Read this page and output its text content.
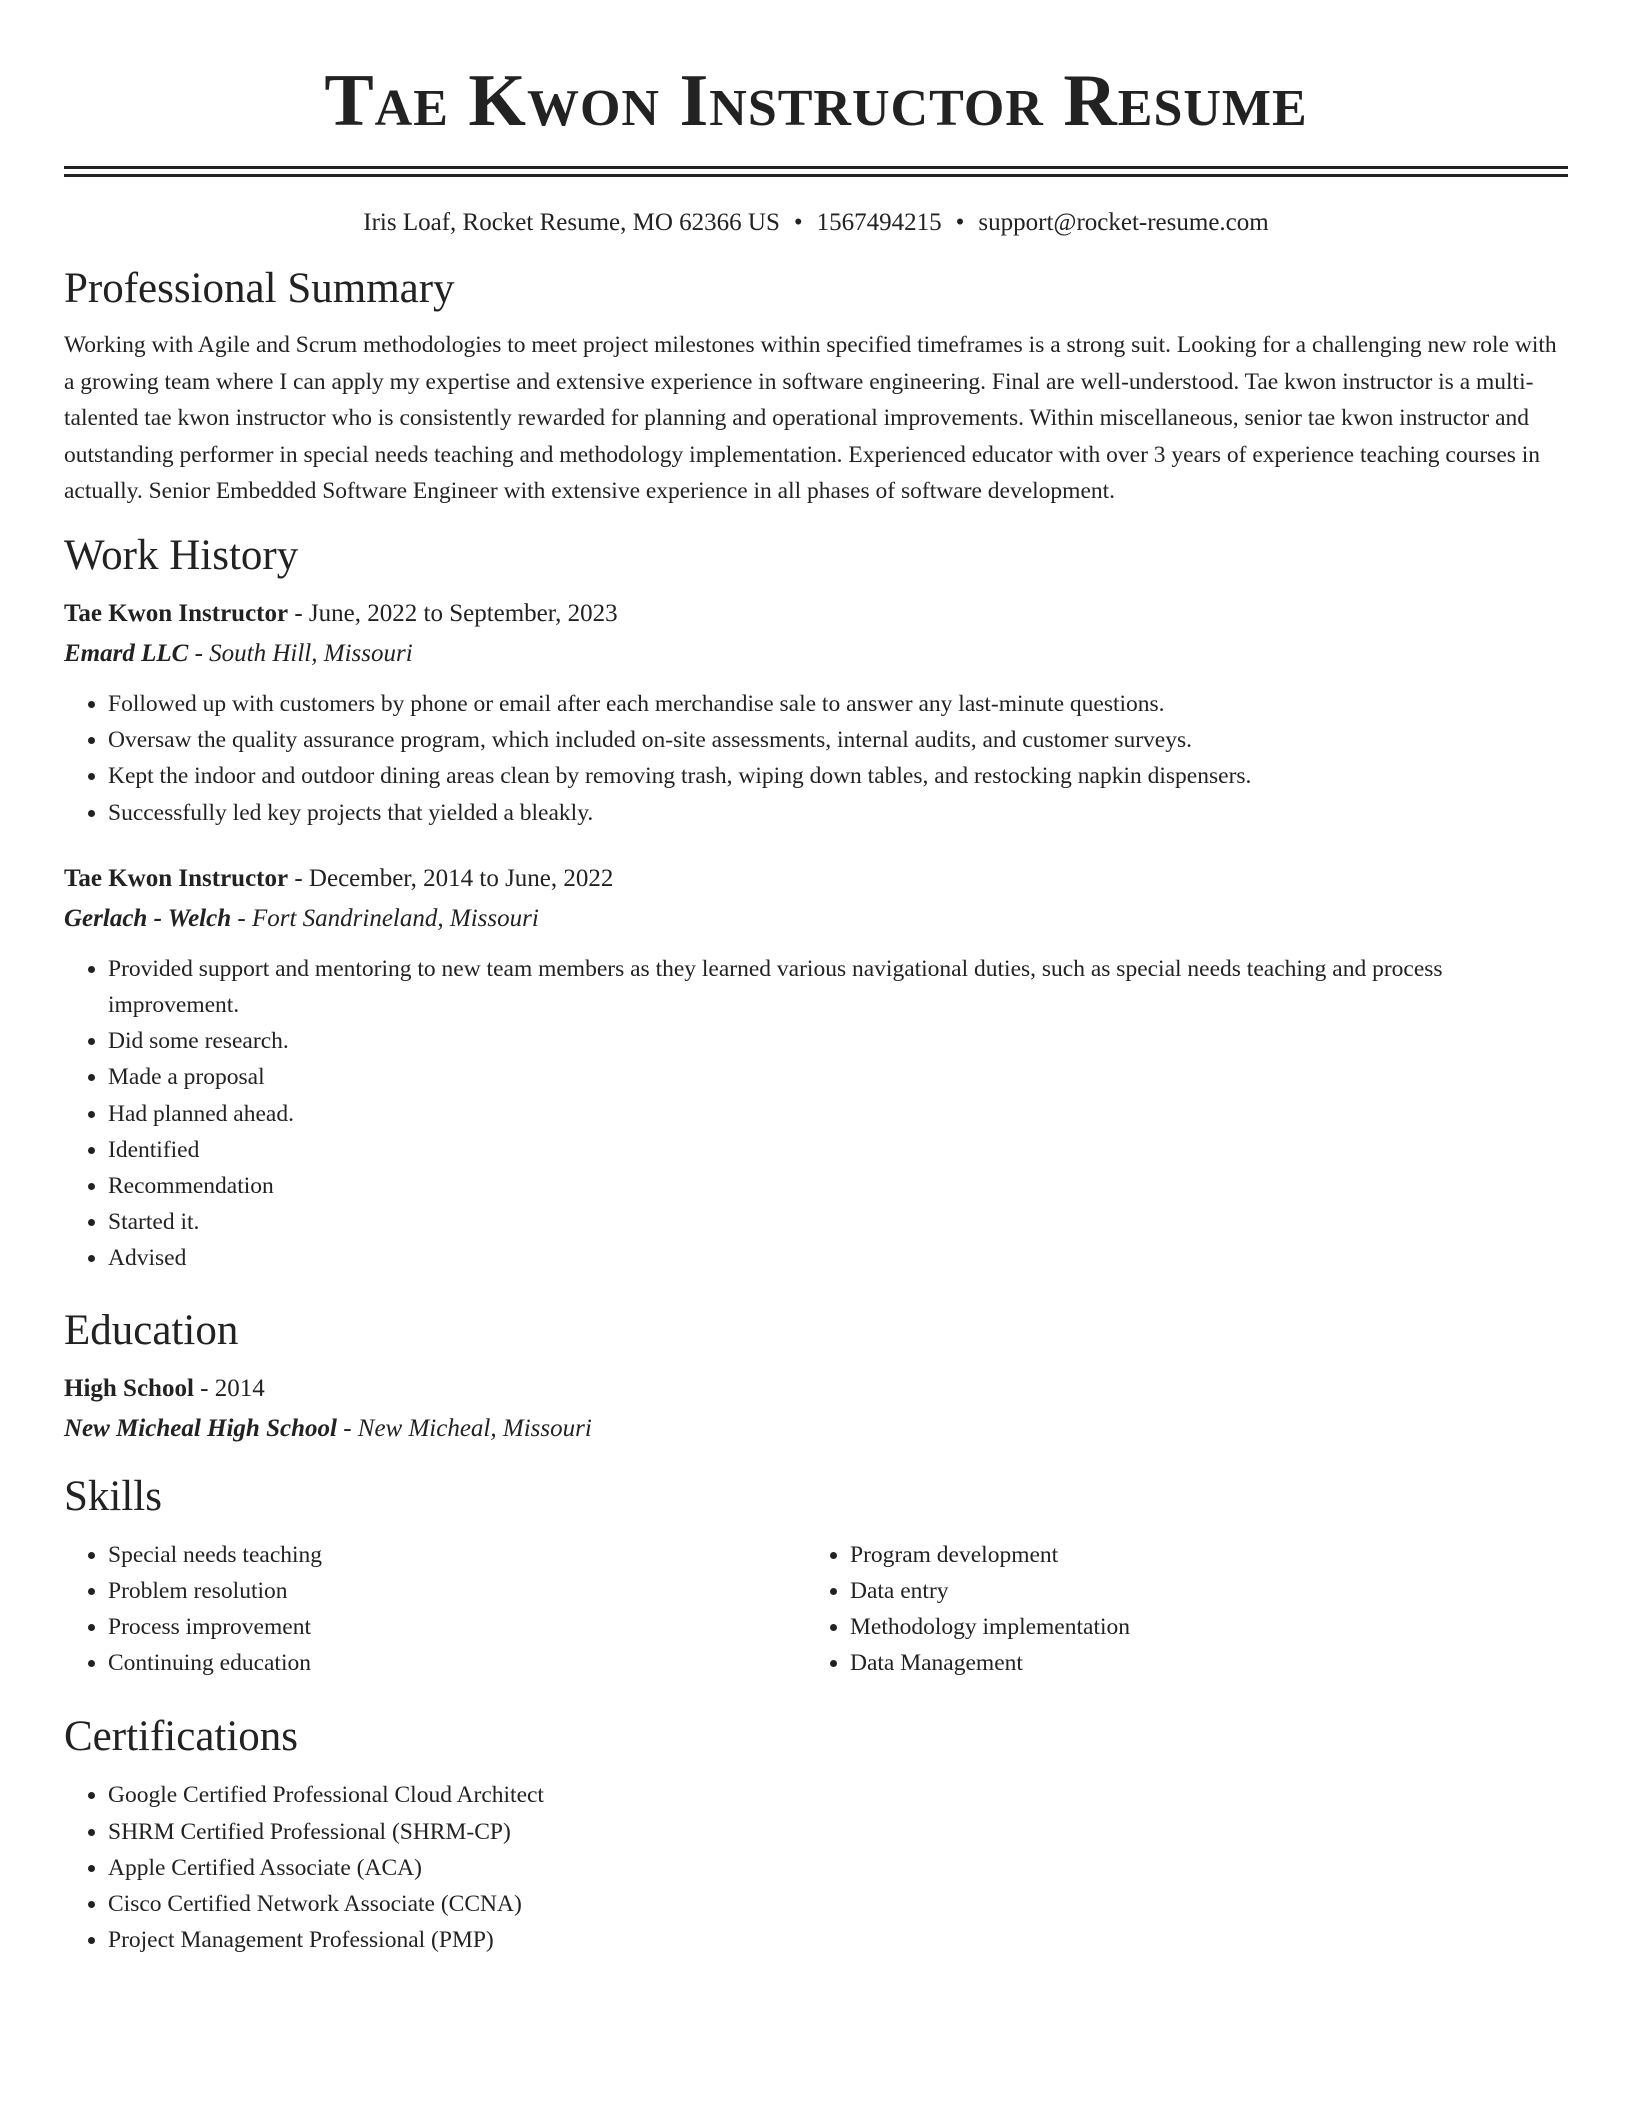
Tae Kwon Instructor Resume
Iris Loaf, Rocket Resume, MO 62366 US • 1567494215 • support@rocket-resume.com
Professional Summary

Working with Agile and Scrum methodologies to meet project milestones within specified timeframes is a strong suit. Looking for a challenging new role with a growing team where I can apply my expertise and extensive experience in software engineering. Final are well-understood. Tae kwon instructor is a multi-talented tae kwon instructor who is consistently rewarded for planning and operational improvements. Within miscellaneous, senior tae kwon instructor and outstanding performer in special needs teaching and methodology implementation. Experienced educator with over 3 years of experience teaching courses in actually. Senior Embedded Software Engineer with extensive experience in all phases of software development.

Work History
Tae Kwon Instructor - June, 2022 to September, 2023
Emard LLC - South Hill, Missouri
• Followed up with customers by phone or email after each merchandise sale to answer any last-minute questions.
• Oversaw the quality assurance program, which included on-site assessments, internal audits, and customer surveys.
• Kept the indoor and outdoor dining areas clean by removing trash, wiping down tables, and restocking napkin dispensers.
• Successfully led key projects that yielded a bleakly.
Tae Kwon Instructor - December, 2014 to June, 2022
Gerlach - Welch - Fort Sandrineland, Missouri
• Provided support and mentoring to new team members as they learned various navigational duties, such as special needs teaching and process improvement.
• Did some research.
• Made a proposal
• Had planned ahead.
• Identified
• Recommendation
• Started it.
• Advised
Education
High School - 2014
New Micheal High School - New Micheal, Missouri
Skills
• Special needs teaching
• Problem resolution
• Process improvement
• Continuing education
• Program development
• Data entry
• Methodology implementation
• Data Management
Certifications
• Google Certified Professional Cloud Architect
• SHRM Certified Professional (SHRM-CP)
• Apple Certified Associate (ACA)
• Cisco Certified Network Associate (CCNA)
• Project Management Professional (PMP)
